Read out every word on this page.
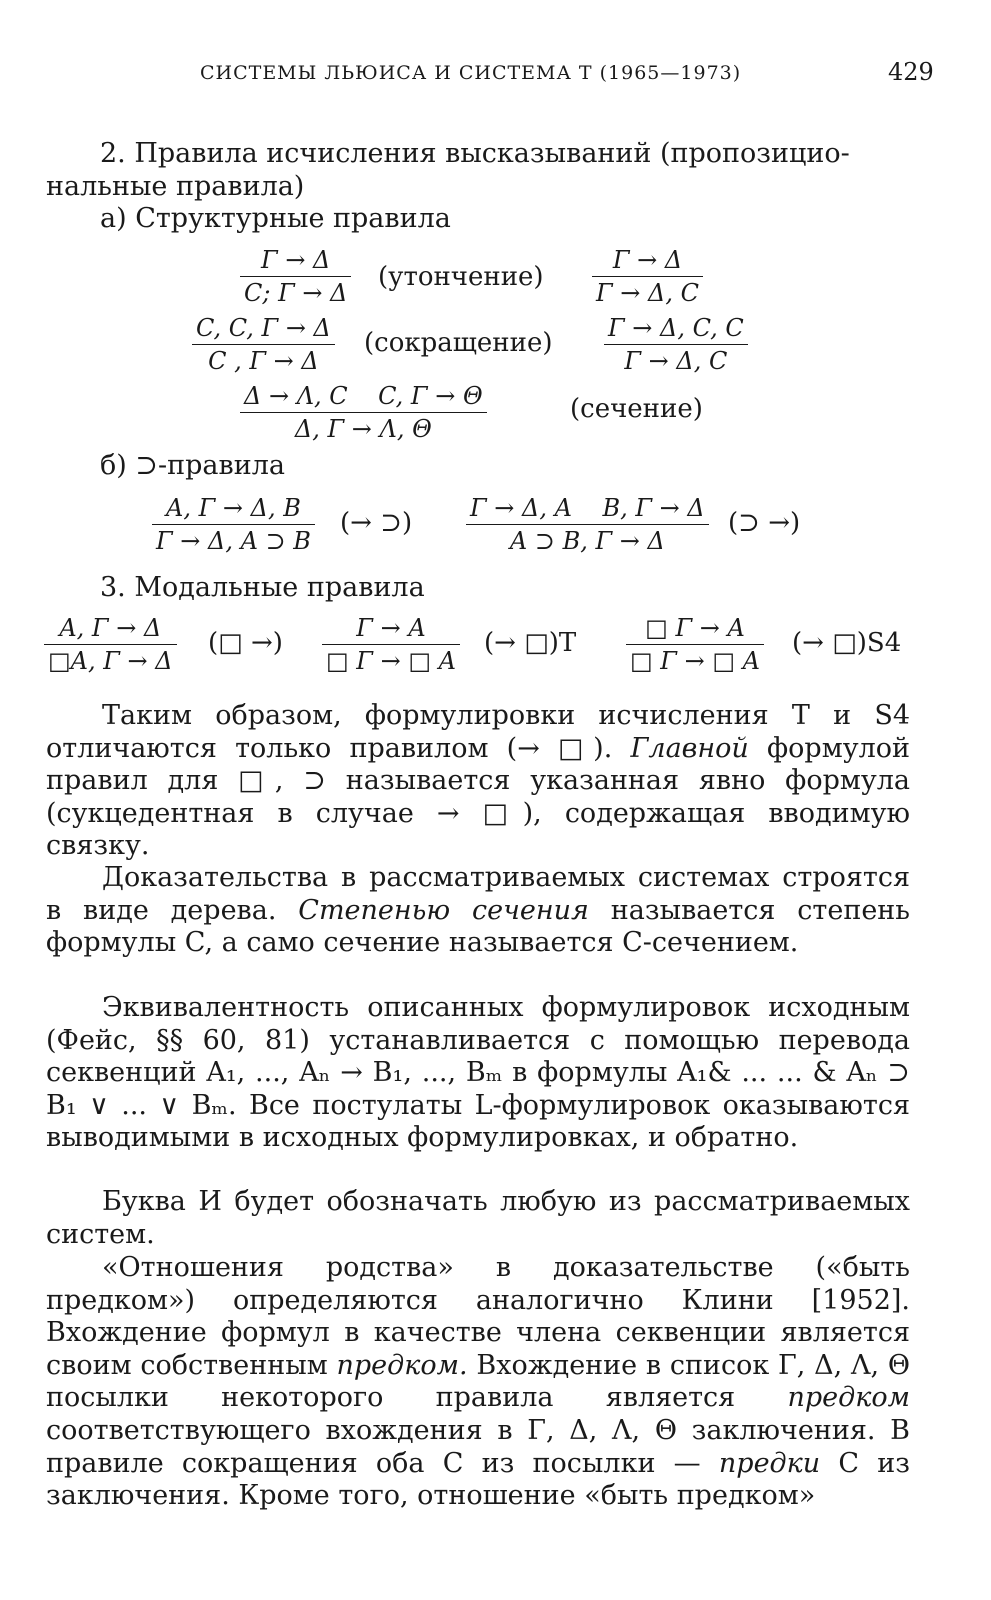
СИСТЕМЫ ЛЬЮИСА И СИСТЕМА T (1965—1973)	429
2. Правила исчисления высказываний (пропозицио-
нальные правила)
а) Структурные правила
Γ → Δ
C; Γ → Δ
(утончение)
Γ → Δ
Γ → Δ, C
C, C, Γ → Δ
C , Γ → Δ
(сокращение) Γ → Δ, C, C
Γ → Δ, C
Δ → Λ, C    C, Γ → Θ
Δ, Γ → Λ, Θ
(сечение)
б) ⊃-правила
A, Γ → Δ, B
Γ → Δ, A ⊃ B
(→ ⊃) Γ → Δ, A    B, Γ → Δ
A ⊃ B, Γ → Δ
(⊃ →)
3. Модальные правила
A, Γ → Δ
□A, Γ → Δ
(□ →)	Γ → A
□ Γ → □ A
(→ □)T	□ Γ → A
□ Γ → □ A
(→ □)S4
Таким образом, формулировки исчисления T и S4 отличаются только правилом (→ □). Главной формулой правил для □, ⊃ называется указанная явно формула (сукцедентная в случае → □), содержащая вводимую связку.
Доказательства в рассматриваемых системах строятся в виде дерева. Степенью сечения называется степень формулы C, а само сечение называется C-сечением.
Эквивалентность описанных формулировок исходным (Фейс, §§ 60, 81) устанавливается с помощью перевода секвенций A₁, ..., Aₙ → B₁, ..., Bₘ в формулы A₁& ... ... & Aₙ ⊃ B₁ ∨ ... ∨ Bₘ. Все постулаты L-формулировок оказываются выводимыми в исходных формулировках, и обратно.
Буква И будет обозначать любую из рассматриваемых систем.
«Отношения родства» в доказательстве («быть предком») определяются аналогично Клини [1952]. Вхождение формул в качестве члена секвенции является своим собственным предком. Вхождение в список Γ, Δ, Λ, Θ посылки некоторого правила является предком соответствующего вхождения в Γ, Δ, Λ, Θ заключения. В правиле сокращения оба C из посылки — предки C из заключения. Кроме того, отношение «быть предком»
